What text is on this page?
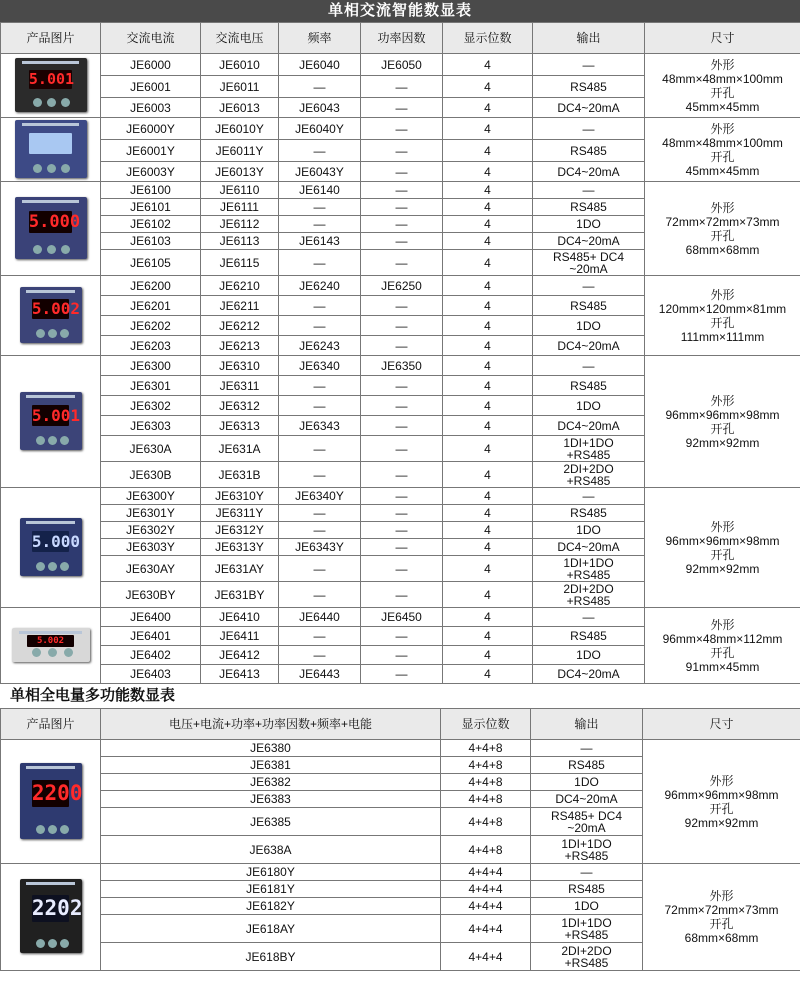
单相交流智能数显表
产品图片	交流电流	交流电压	频率	功率因数	显示位数	输出	尺寸

5.001	JE6000	JE6010	JE6040	JE6050	4	—	外形
48mm×48mm×100mm
开孔
45mm×45mm

	JE6001	JE6011	—	—	4	RS485	
	JE6003	JE6013	JE6043	—	4	DC4~20mA	

	JE6000Y	JE6010Y	JE6040Y	—	4	—	外形
48mm×48mm×100mm
开孔
45mm×45mm

	JE6001Y	JE6011Y	—	—	4	RS485	
	JE6003Y	JE6013Y	JE6043Y	—	4	DC4~20mA	

5.000	JE6100	JE6110	JE6140	—	4	—	外形
72mm×72mm×73mm
开孔
68mm×68mm

	JE6101	JE6111	—	—	4	RS485	
	JE6102	JE6112	—	—	4	1DO	
	JE6103	JE6113	JE6143	—	4	DC4~20mA	
	JE6105	JE6115	—	—	4	RS485+ DC4
~20mA	

5.002	JE6200	JE6210	JE6240	JE6250	4	—	外形
120mm×120mm×81mm
开孔
111mm×111mm

	JE6201	JE6211	—	—	4	RS485	
	JE6202	JE6212	—	—	4	1DO	
	JE6203	JE6213	JE6243	—	4	DC4~20mA	

5.001	JE6300	JE6310	JE6340	JE6350	4	—	外形
96mm×96mm×98mm
开孔
92mm×92mm

	JE6301	JE6311	—	—	4	RS485	
	JE6302	JE6312	—	—	4	1DO	
	JE6303	JE6313	JE6343	—	4	DC4~20mA	
	JE630A	JE631A	—	—	4	1DI+1DO
+RS485	
	JE630B	JE631B	—	—	4	2DI+2DO
+RS485	

5.000	JE6300Y	JE6310Y	JE6340Y	—	4	—	外形
96mm×96mm×98mm
开孔
92mm×92mm

	JE6301Y	JE6311Y	—	—	4	RS485	
	JE6302Y	JE6312Y	—	—	4	1DO	
	JE6303Y	JE6313Y	JE6343Y	—	4	DC4~20mA	
	JE630AY	JE631AY	—	—	4	1DI+1DO
+RS485	
	JE630BY	JE631BY	—	—	4	2DI+2DO
+RS485	

5.002	JE6400	JE6410	JE6440	JE6450	4	—	外形
96mm×48mm×112mm
开孔
91mm×45mm

	JE6401	JE6411	—	—	4	RS485	
	JE6402	JE6412	—	—	4	1DO	
	JE6403	JE6413	JE6443	—	4	DC4~20mA	
单相全电量多功能数显表
产品图片	电压+电流+功率+功率因数+频率+电能	显示位数	输出	尺寸

2200	JE6380	4+4+8	—	外形
96mm×96mm×98mm
开孔
92mm×92mm

	JE6381	4+4+8	RS485	
	JE6382	4+4+8	1DO	
	JE6383	4+4+8	DC4~20mA	
	JE6385	4+4+8	RS485+ DC4
~20mA	
	JE638A	4+4+8	1DI+1DO
+RS485	

2202	JE6180Y	4+4+4	—	外形
72mm×72mm×73mm
开孔
68mm×68mm

	JE6181Y	4+4+4	RS485	
	JE6182Y	4+4+4	1DO	
	JE618AY	4+4+4	1DI+1DO
+RS485	
	JE618BY	4+4+4	2DI+2DO
+RS485	
